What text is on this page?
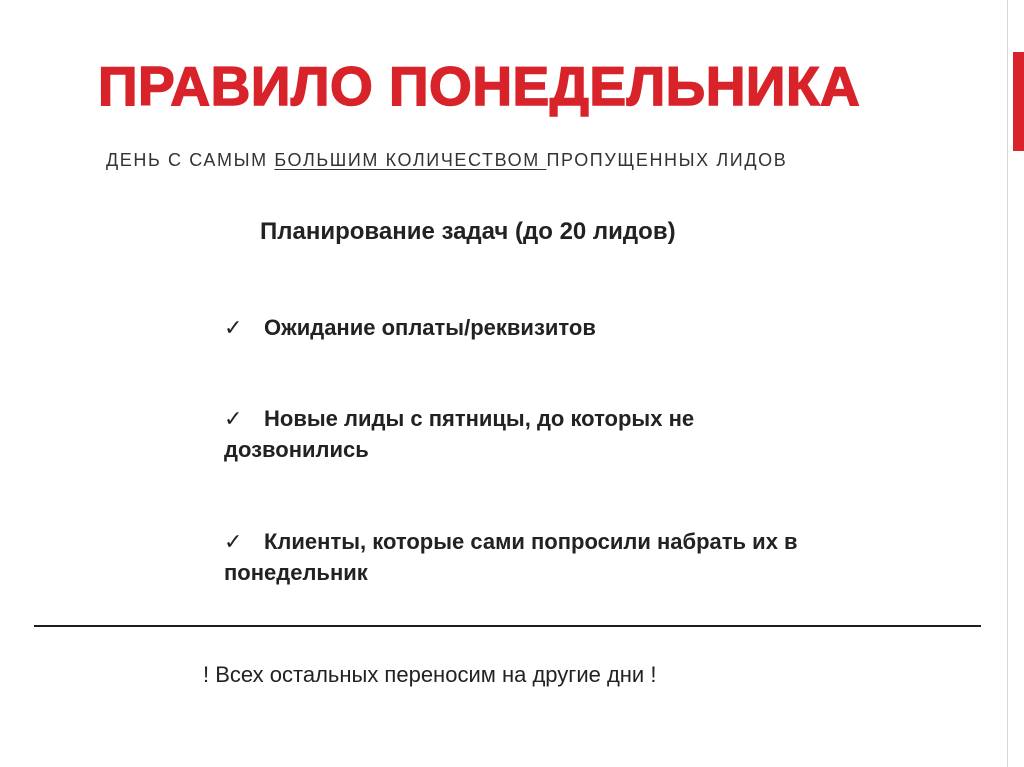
ПРАВИЛО ПОНЕДЕЛЬНИКА
ДЕНЬ С САМЫМ БОЛЬШИМ КОЛИЧЕСТВОМ ПРОПУЩЕННЫХ ЛИДОВ
Планирование задач (до 20 лидов)
✓ Ожидание оплаты/реквизитов
✓ Новые лиды с пятницы, до которых не дозвонились
✓ Клиенты, которые сами попросили набрать их в понедельник
! Всех остальных переносим на другие дни !
